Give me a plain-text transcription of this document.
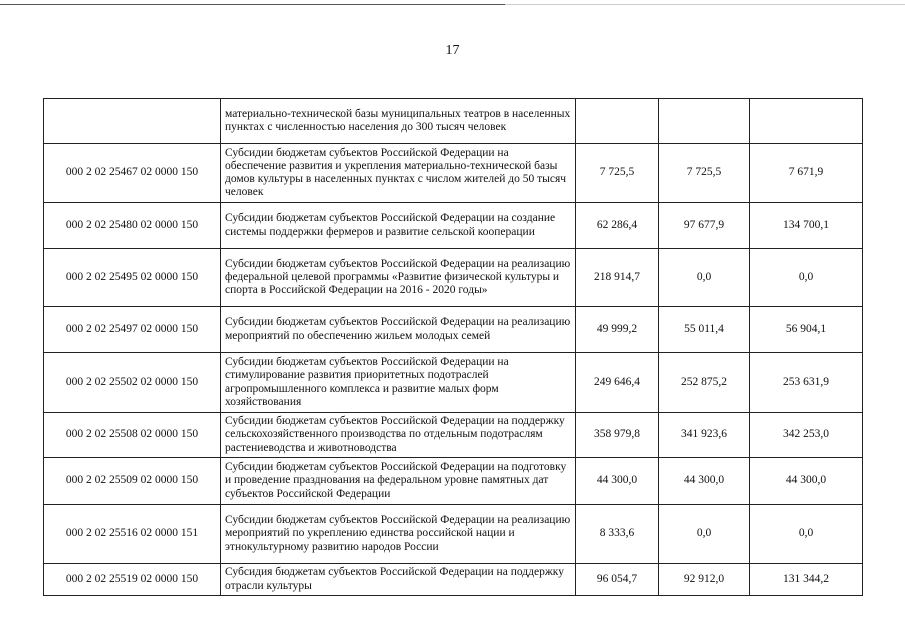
17
	материально-технической базы муниципальных театров в населенных пунктах с численностью населения до 300 тысяч человек			
000 2 02 25467 02 0000 150	Субсидии бюджетам субъектов Российской Федерации на обеспечение развития и укрепления материально-технической базы домов культуры в населенных пунктах с числом жителей до 50 тысяч человек	7 725,5	7 725,5	7 671,9
000 2 02 25480 02 0000 150	Субсидии бюджетам субъектов Российской Федерации на создание системы поддержки фермеров и развитие сельской кооперации	62 286,4	97 677,9	134 700,1
000 2 02 25495 02 0000 150	Субсидии бюджетам субъектов Российской Федерации на реализацию федеральной целевой программы «Развитие физической культуры и спорта в Российской Федерации на 2016 - 2020 годы»	218 914,7	0,0	0,0
000 2 02 25497 02 0000 150	Субсидии бюджетам субъектов Российской Федерации на реализацию мероприятий по обеспечению жильем молодых семей	49 999,2	55 011,4	56 904,1
000 2 02 25502 02 0000 150	Субсидии бюджетам субъектов Российской Федерации на стимулирование развития приоритетных подотраслей агропромышленного комплекса и развитие малых форм хозяйствования	249 646,4	252 875,2	253 631,9
000 2 02 25508 02 0000 150	Субсидии бюджетам субъектов Российской Федерации на поддержку сельскохозяйственного производства по отдельным подотраслям растениеводства и животноводства	358 979,8	341 923,6	342 253,0
000 2 02 25509 02 0000 150	Субсидии бюджетам субъектов Российской Федерации на подготовку и проведение празднования на федеральном уровне памятных дат субъектов Российской Федерации	44 300,0	44 300,0	44 300,0
000 2 02 25516 02 0000 151	Субсидии бюджетам субъектов Российской Федерации на реализацию мероприятий по укреплению единства российской нации и этнокультурному развитию народов России	8 333,6	0,0	0,0
000 2 02 25519 02 0000 150	Субсидия бюджетам субъектов Российской Федерации на поддержку отрасли культуры	96 054,7	92 912,0	131 344,2
